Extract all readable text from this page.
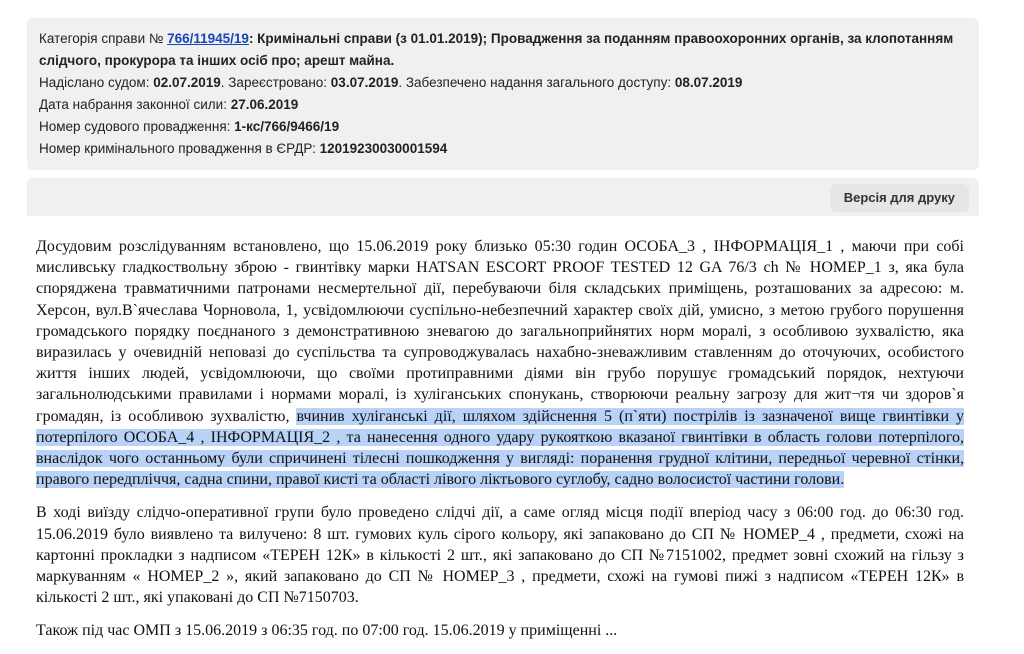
Категорія справи № 766/11945/19: Кримінальні справи (з 01.01.2019); Провадження за поданням правоохоронних органів, за клопотанням слідчого, прокурора та інших осіб про; арешт майна.

Надіслано судом: 02.07.2019. Зареєстровано: 03.07.2019. Забезпечено надання загального доступу: 08.07.2019

Дата набрання законної сили: 27.06.2019

Номер судового провадження: 1-кс/766/9466/19

Номер кримінального провадження в ЄРДР: 12019230030001594

Версія для друку

Досудовим розслідуванням встановлено, що 15.06.2019 року близько 05:30 годин ОСОБА_3 , ІНФОРМАЦІЯ_1 , маючи при собі мисливську гладкоствольну зброю - гвинтівку марки HATSAN ESCORT PROOF TESTED 12 GA 76/3 ch № НОМЕР_1 з, яка була споряджена травматичними патронами несмертельної дії, перебуваючи біля складських приміщень, розташованих за адресою: м. Херсон, вул.В`ячеслава Чорновола, 1, усвідомлюючи суспільно-небезпечний характер своїх дій, умисно, з метою грубого порушення громадського порядку поєднаного з демонстративною зневагою до загальноприйнятих норм моралі, з особливою зухвалістю, яка виразилась у очевидній неповазі до суспільства та супроводжувалась нахабно-зневажливим ставленням до оточуючих, особистого життя інших людей, усвідомлюючи, що своїми протиправними діями він грубо порушує громадський порядок, нехтуючи загальнолюдськими правилами і нормами моралі, із хуліганських спонукань, створюючи реальну загрозу для жит¬тя чи здоров`я громадян, із особливою зухвалістю, вчинив хуліганські дії, шляхом здійснення 5 (п`яти) пострілів із зазначеної вище гвинтівки у потерпілого ОСОБА_4 , ІНФОРМАЦІЯ_2 , та нанесення одного удару рукояткою вказаної гвинтівки в область голови потерпілого, внаслідок чого останньому були спричинені тілесні пошкодження у вигляді: поранення грудної клітини, передньої черевної стінки, правого передпліччя, садна спини, правої кисті та області лівого ліктьового суглобу, садно волосистої частини голови.

В ході виїзду слідчо-оперативної групи було проведено слідчі дії, а саме огляд місця події вперіод часу з 06:00 год. до 06:30 год. 15.06.2019 було виявлено та вилучено: 8 шт. гумових куль сірого кольору, які запаковано до СП № НОМЕР_4 , предмети, схожі на картонні прокладки з надписом «ТЕРЕН 12К» в кількості 2 шт., які запаковано до СП №7151002, предмет зовні схожий на гільзу з маркуванням « НОМЕР_2 », який запаковано до СП № НОМЕР_3 , предмети, схожі на гумові пижі з надписом «ТЕРЕН 12К» в кількості 2 шт., які упаковані до СП №7150703.

Також під час ОМП з 15.06.2019 з 06:35 год. по 07:00 год. 15.06.2019 у приміщенні ...
